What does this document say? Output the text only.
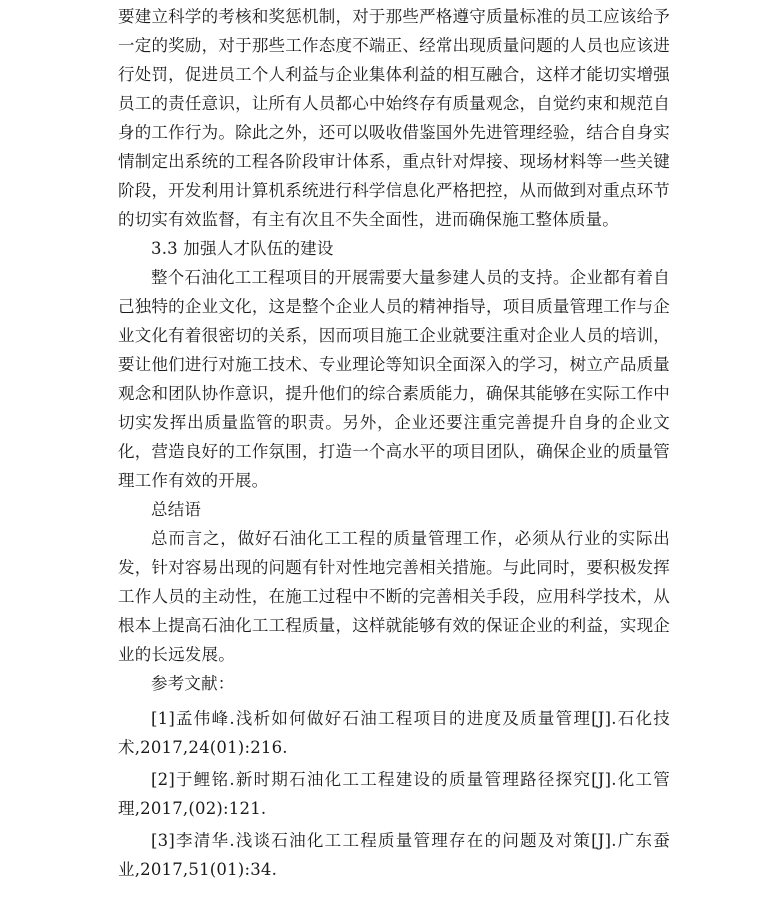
要建立科学的考核和奖惩机制，对于那些严格遵守质量标准的员工应该给予一定的奖励，对于那些工作态度不端正、经常出现质量问题的人员也应该进行处罚，促进员工个人利益与企业集体利益的相互融合，这样才能切实增强员工的责任意识，让所有人员都心中始终存有质量观念，自觉约束和规范自身的工作行为。除此之外，还可以吸收借鉴国外先进管理经验，结合自身实情制定出系统的工程各阶段审计体系，重点针对焊接、现场材料等一些关键阶段，开发利用计算机系统进行科学信息化严格把控，从而做到对重点环节的切实有效监督，有主有次且不失全面性，进而确保施工整体质量。

3.3 加强人才队伍的建设

整个石油化工工程项目的开展需要大量参建人员的支持。企业都有着自己独特的企业文化，这是整个企业人员的精神指导，项目质量管理工作与企业文化有着很密切的关系，因而项目施工企业就要注重对企业人员的培训，要让他们进行对施工技术、专业理论等知识全面深入的学习，树立产品质量观念和团队协作意识，提升他们的综合素质能力，确保其能够在实际工作中切实发挥出质量监管的职责。另外，企业还要注重完善提升自身的企业文化，营造良好的工作氛围，打造一个高水平的项目团队，确保企业的质量管理工作有效的开展。

总结语

总而言之，做好石油化工工程的质量管理工作，必须从行业的实际出发，针对容易出现的问题有针对性地完善相关措施。与此同时，要积极发挥工作人员的主动性，在施工过程中不断的完善相关手段，应用科学技术，从根本上提高石油化工工程质量，这样就能够有效的保证企业的利益，实现企业的长远发展。

参考文献：

[1]孟伟峰.浅析如何做好石油工程项目的进度及质量管理[J].石化技术,2017,24(01):216.

[2]于鲤铭.新时期石油化工工程建设的质量管理路径探究[J].化工管理,2017,(02):121.

[3]李清华.浅谈石油化工工程质量管理存在的问题及对策[J].广东蚕业,2017,51(01):34.
